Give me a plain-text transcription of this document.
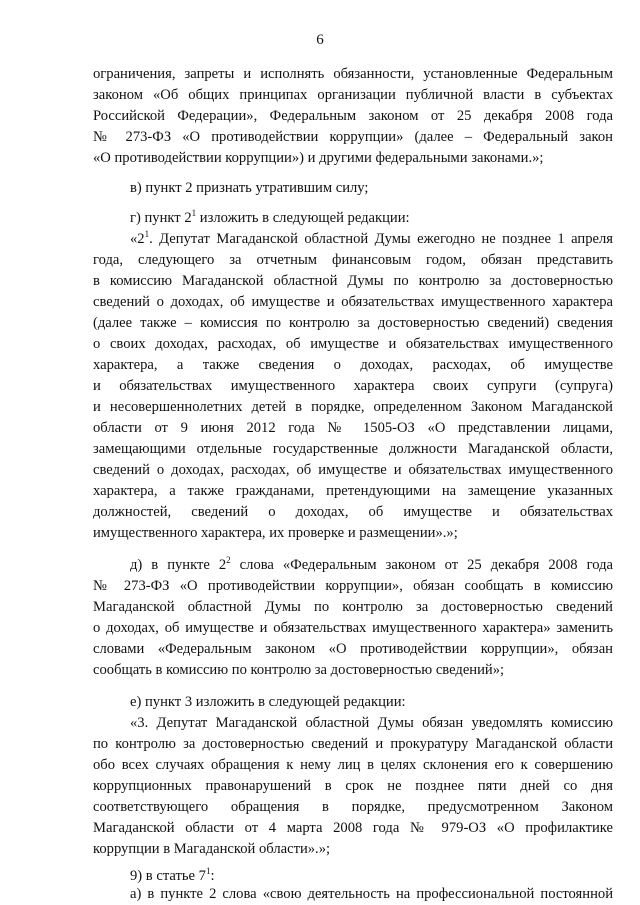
6
ограничения, запреты и исполнять обязанности, установленные Федеральным
законом «Об общих принципах организации публичной власти в субъектах
Российской Федерации», Федеральным законом от 25 декабря 2008 года
№ 273-ФЗ «О противодействии коррупции» (далее – Федеральный закон
«О противодействии коррупции») и другими федеральными законами.»;
в) пункт 2 признать утратившим силу;
г) пункт $2^1$ изложить в следующей редакции:
«$2^1$. Депутат Магаданской областной Думы ежегодно не позднее 1 апреля
года, следующего за отчетным финансовым годом, обязан представить
в комиссию Магаданской областной Думы по контролю за достоверностью
сведений о доходах, об имуществе и обязательствах имущественного характера
(далее также – комиссия по контролю за достоверностью сведений) сведения
о своих доходах, расходах, об имуществе и обязательствах имущественного
характера, а также сведения о доходах, расходах, об имуществе
и обязательствах имущественного характера своих супруги (супруга)
и несовершеннолетних детей в порядке, определенном Законом Магаданской
области от 9 июня 2012 года № 1505-ОЗ «О представлении лицами,
замещающими отдельные государственные должности Магаданской области,
сведений о доходах, расходах, об имуществе и обязательствах имущественного
характера, а также гражданами, претендующими на замещение указанных
должностей, сведений о доходах, об имуществе и обязательствах
имущественного характера, их проверке и размещении».»;
д) в пункте $2^2$ слова «Федеральным законом от 25 декабря 2008 года
№ 273-ФЗ «О противодействии коррупции», обязан сообщать в комиссию
Магаданской областной Думы по контролю за достоверностью сведений
о доходах, об имуществе и обязательствах имущественного характера» заменить
словами «Федеральным законом «О противодействии коррупции», обязан
сообщать в комиссию по контролю за достоверностью сведений»;
е) пункт 3 изложить в следующей редакции:
«3. Депутат Магаданской областной Думы обязан уведомлять комиссию
по контролю за достоверностью сведений и прокуратуру Магаданской области
обо всех случаях обращения к нему лиц в целях склонения его к совершению
коррупционных правонарушений в срок не позднее пяти дней со дня
соответствующего обращения в порядке, предусмотренном Законом
Магаданской области от 4 марта 2008 года № 979-ОЗ «О профилактике
коррупции в Магаданской области».»;
9) в статье $7^1$:
а) в пункте 2 слова «свою деятельность на профессиональной постоянной
